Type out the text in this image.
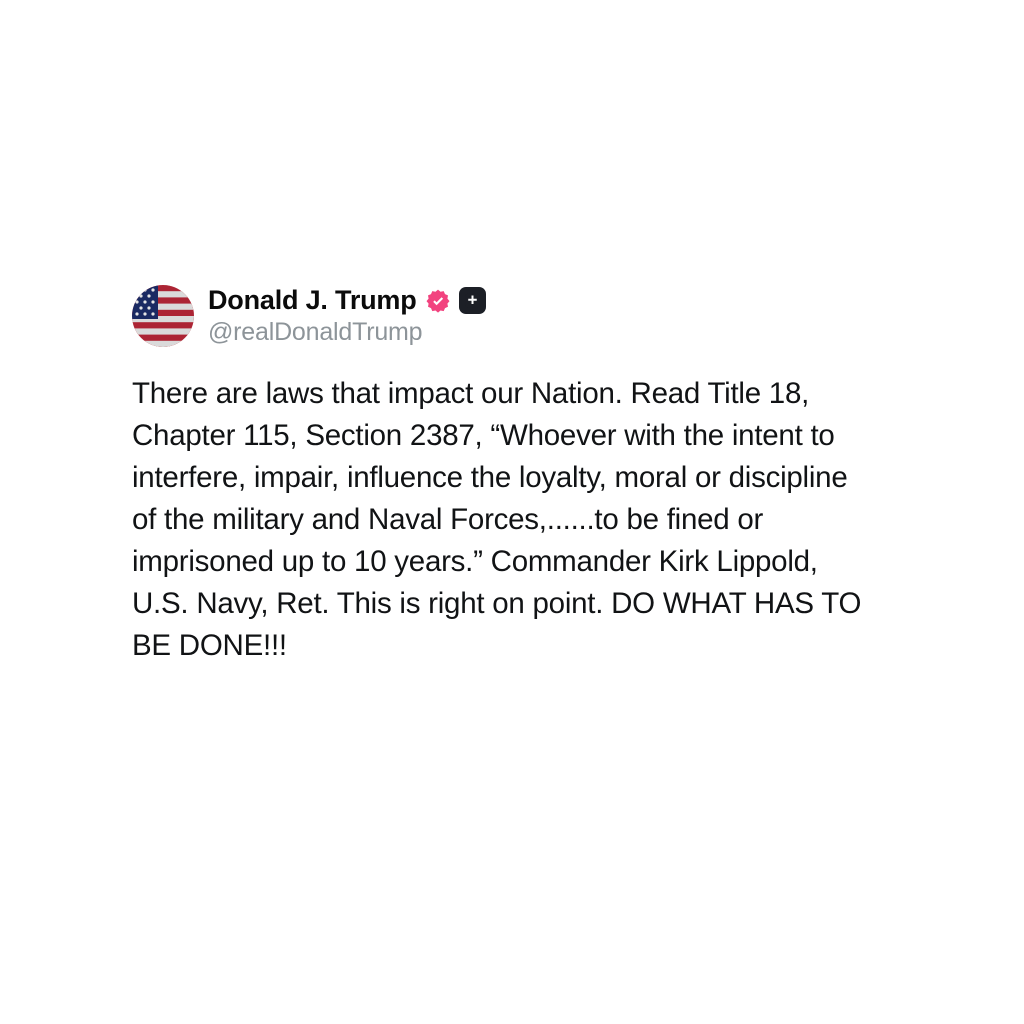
Donald J. Trump
@realDonaldTrump
There are laws that impact our Nation. Read Title 18, Chapter 115, Section 2387, “Whoever with the intent to interfere, impair, influence the loyalty, moral or discipline of the military and Naval Forces,......to be fined or imprisoned up to 10 years.” Commander Kirk Lippold, U.S. Navy, Ret. This is right on point. DO WHAT HAS TO BE DONE!!!
